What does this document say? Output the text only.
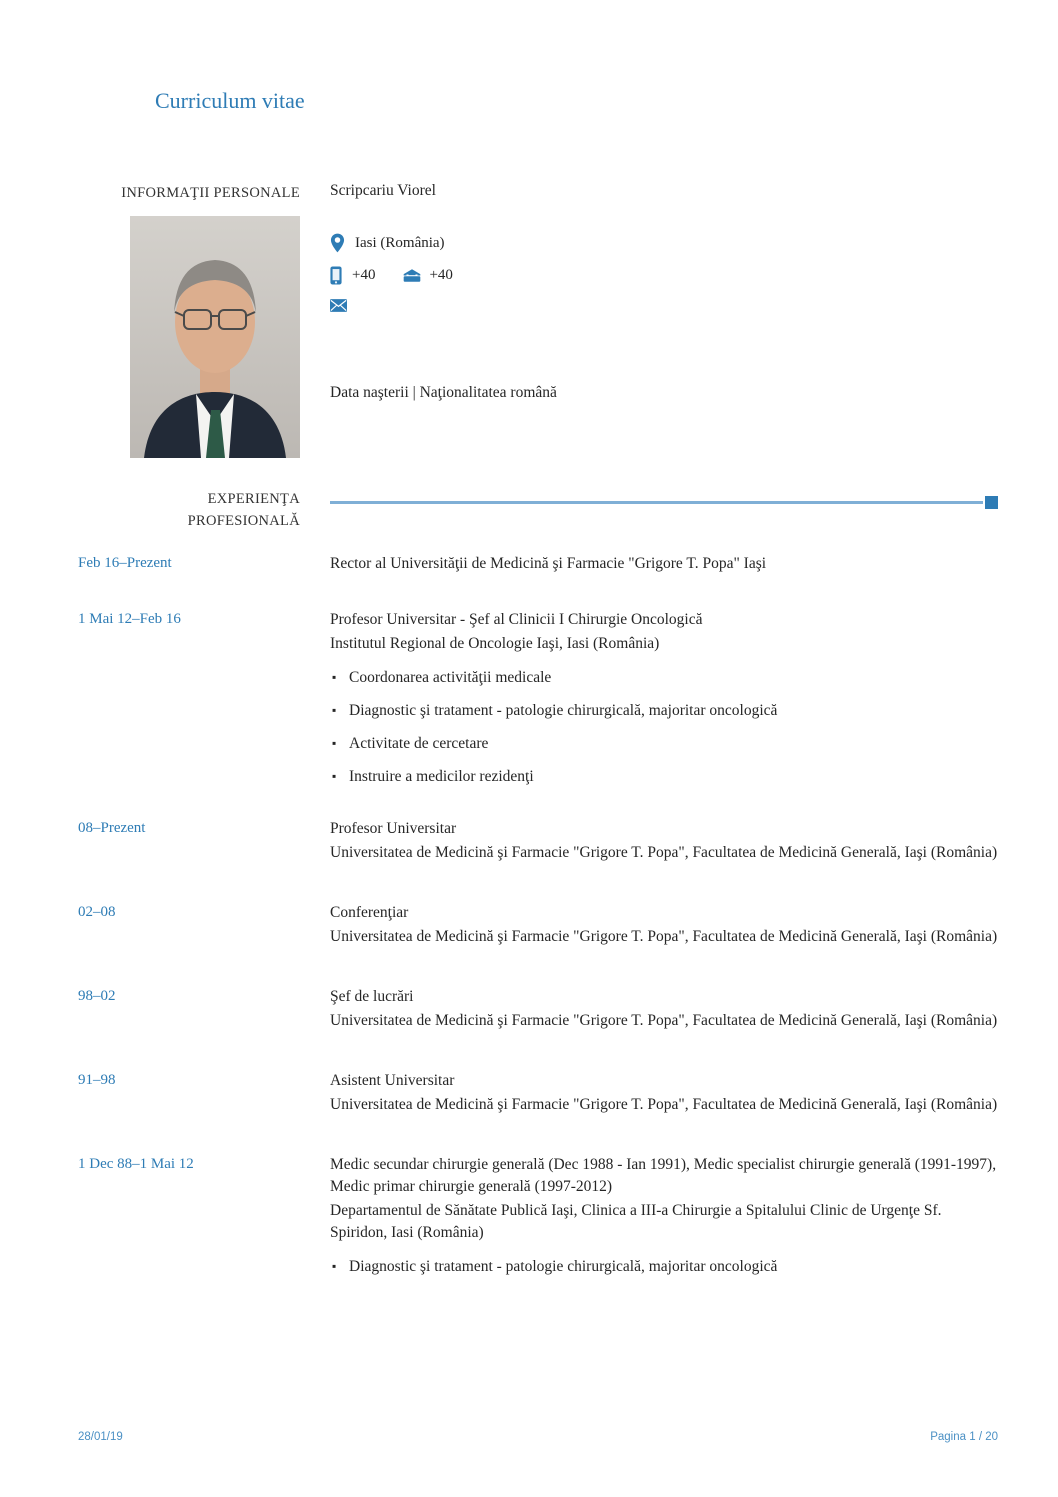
Curriculum vitae
INFORMAŢII PERSONALE Scripcariu Viorel
Iasi (România)
+40	+40
Data naşterii | Naţionalitatea română
EXPERIENŢA
PROFESIONALĂ
Feb 16–Prezent	Rector al Universităţii de Medicină şi Farmacie "Grigore T. Popa" Iaşi
1 Mai 12–Feb 16	Profesor Universitar - Şef al Clinicii I Chirurgie Oncologică
Institutul Regional de Oncologie Iaşi, Iasi (România)
▪ Coordonarea activităţii medicale
▪ Diagnostic şi tratament - patologie chirurgicală, majoritar oncologică
▪ Activitate de cercetare
▪ Instruire a medicilor rezidenţi
08–Prezent	Profesor Universitar
Universitatea de Medicină şi Farmacie "Grigore T. Popa", Facultatea de Medicină Generală, Iaşi (România)
02–08	Conferenţiar
Universitatea de Medicină şi Farmacie "Grigore T. Popa", Facultatea de Medicină Generală, Iaşi (România)
98–02	Şef de lucrări
Universitatea de Medicină şi Farmacie "Grigore T. Popa", Facultatea de Medicină Generală, Iaşi (România)
91–98	Asistent Universitar
Universitatea de Medicină şi Farmacie "Grigore T. Popa", Facultatea de Medicină Generală, Iaşi (România)
1 Dec 88–1 Mai 12	Medic secundar chirurgie generală (Dec 1988 - Ian 1991), Medic specialist chirurgie generală (1991-1997), Medic primar chirurgie generală (1997-2012)
Departamentul de Sănătate Publică Iaşi, Clinica a III-a Chirurgie a Spitalului Clinic de Urgenţe Sf. Spiridon, Iasi (România)
▪ Diagnostic şi tratament - patologie chirurgicală, majoritar oncologică
28/01/19	Pagina 1 / 20
